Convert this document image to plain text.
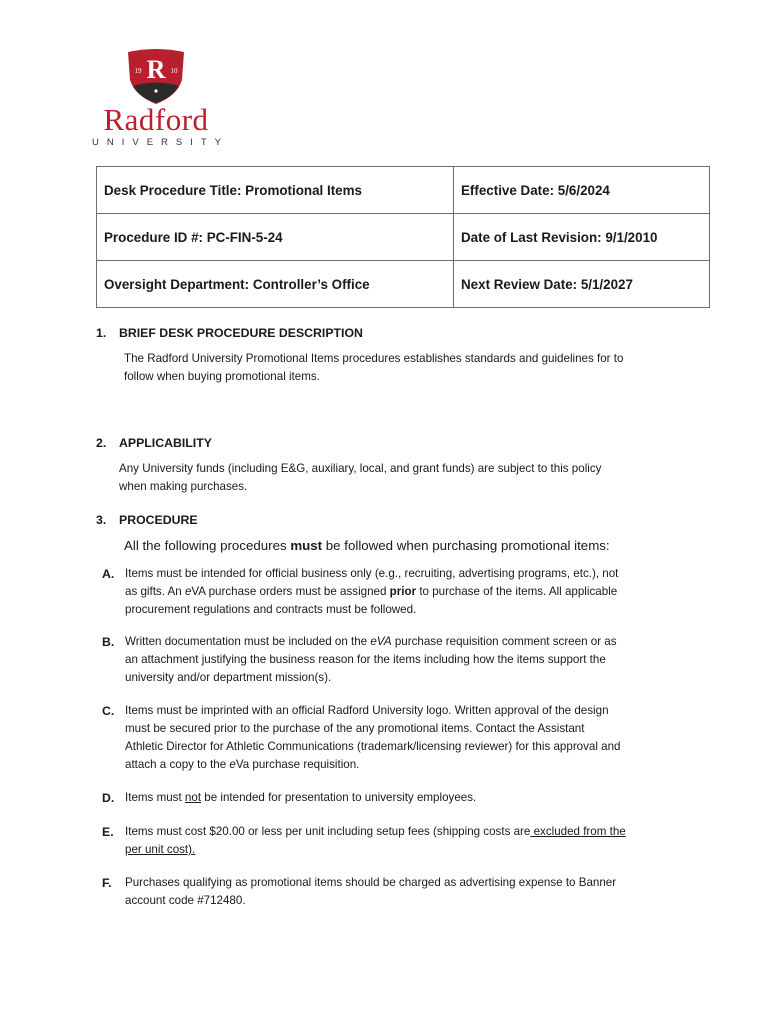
19 R 10
Radford
UNIVERSITY
Desk Procedure Title: Promotional Items	Effective Date: 5/6/2024
Procedure ID #: PC-FIN-5-24	Date of Last Revision: 9/1/2010
Oversight Department: Controller’s Office	Next Review Date: 5/1/2027
1. BRIEF DESK PROCEDURE DESCRIPTION
The Radford University Promotional Items procedures establishes standards and guidelines for to
follow when buying promotional items.
2. APPLICABILITY
Any University funds (including E&G, auxiliary, local, and grant funds) are subject to this policy
when making purchases.
3. PROCEDURE
All the following procedures must be followed when purchasing promotional items:
A. Items must be intended for official business only (e.g., recruiting, advertising programs, etc.), not
as gifts. An eVA purchase orders must be assigned prior to purchase of the items. All applicable
procurement regulations and contracts must be followed.
B. Written documentation must be included on the eVA purchase requisition comment screen or as
an attachment justifying the business reason for the items including how the items support the
university and/or department mission(s).
C. Items must be imprinted with an official Radford University logo. Written approval of the design
must be secured prior to the purchase of the any promotional items. Contact the Assistant
Athletic Director for Athletic Communications (trademark/licensing reviewer) for this approval and
attach a copy to the eVa purchase requisition.
D. Items must not be intended for presentation to university employees.
E. Items must cost $20.00 or less per unit including setup fees (shipping costs are excluded from the
per unit cost).
F. Purchases qualifying as promotional items should be charged as advertising expense to Banner
account code #712480.
